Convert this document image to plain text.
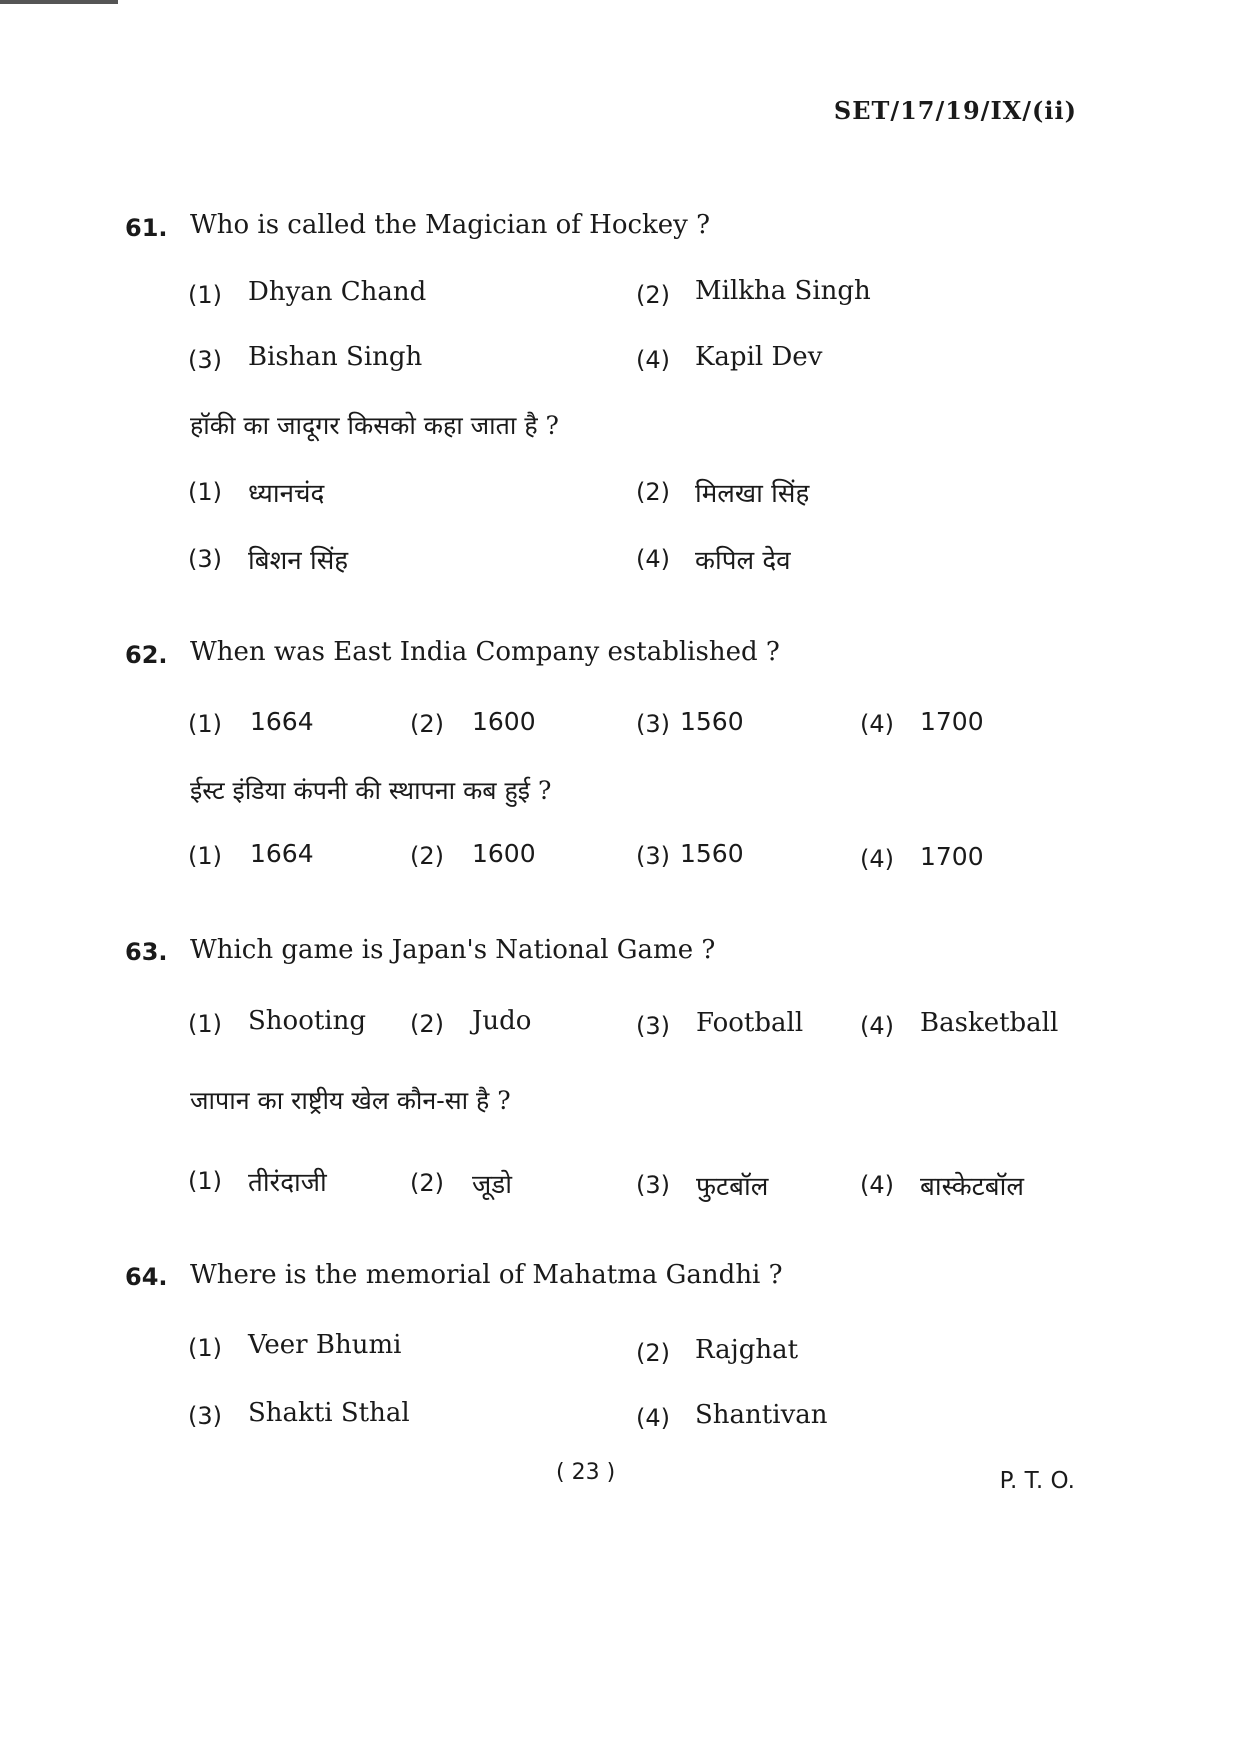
SET/17/19/IX/(ii)
61. Who is called the Magician of Hockey ?
(1) Dhyan Chand	(2) Milkha Singh
(3) Bishan Singh	(4) Kapil Dev
हॉकी का जादूगर किसको कहा जाता है ?
(1) ध्यानचंद	(2) मिलखा सिंह
(3) बिशन सिंह	(4) कपिल देव
62. When was East India Company established ?
(1) 1664	(2) 1600	(3) 1560	(4) 1700
ईस्ट इंडिया कंपनी की स्थापना कब हुई ?
(1) 1664	(2) 1600	(3) 1560	(4) 1700
63. Which game is Japan's National Game ?
(1) Shooting (2) Judo	(3) Football (4) Basketball
जापान का राष्ट्रीय खेल कौन-सा है ?
(1) तीरंदाजी	(2) जूडो	(3) फुटबॉल	(4) बास्केटबॉल
64. Where is the memorial of Mahatma Gandhi ?
(1) Veer Bhumi	(2) Rajghat
(3) Shakti Sthal	(4) Shantivan
( 23 )	P. T. O.
